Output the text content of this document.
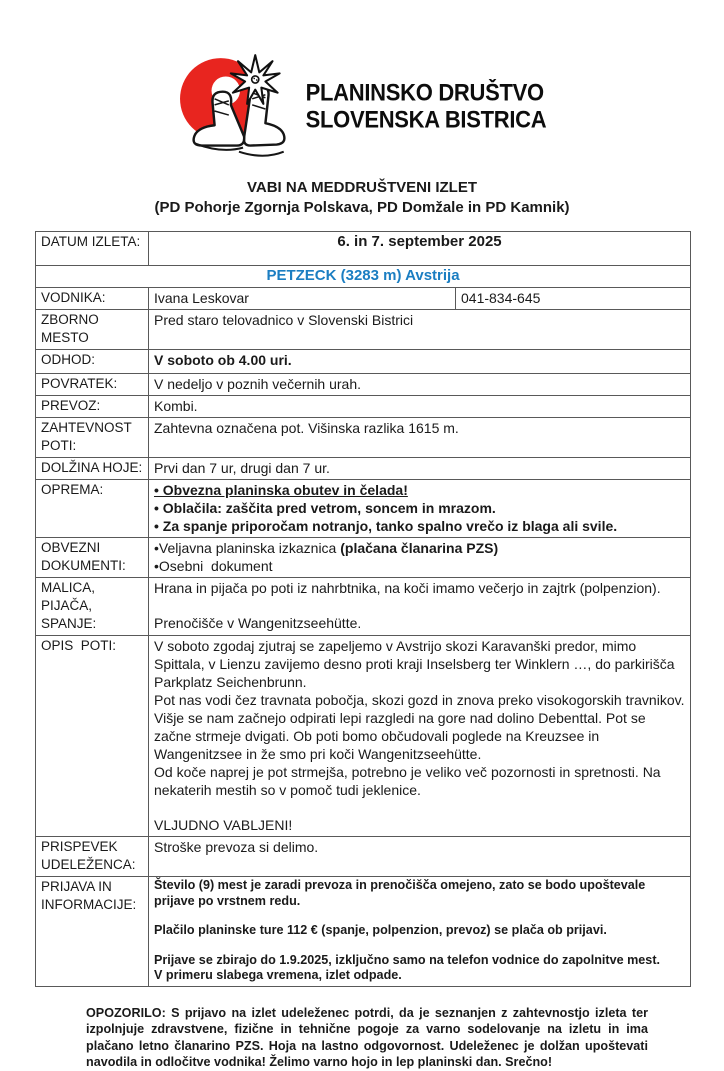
PLANINSKO DRUŠTVO
SLOVENSKA BISTRICA
VABI NA MEDDRUŠTVENI IZLET
(PD Pohorje Zgornja Polskava, PD Domžale in PD Kamnik)
DATUM IZLETA:	6. in 7. september 2025	
PETZECK (3283 m) Avstrija		
VODNIKA:	Ivana Leskovar	041-834-645
ZBORNO MESTO	Pred staro telovadnico v Slovenski Bistrici	
ODHOD:	V soboto ob 4.00 uri.	
POVRATEK:	V nedeljo v poznih večernih urah.	
PREVOZ:	Kombi.	
ZAHTEVNOST POTI:	Zahtevna označena pot. Višinska razlika 1615 m.	
DOLŽINA HOJE:	Prvi dan 7 ur, drugi dan 7 ur.	
OPREMA:	• Obvezna planinska obutev in čelada!
• Oblačila: zaščita pred vetrom, soncem in mrazom.
• Za spanje priporočam notranjo, tanko spalno vrečo iz blaga ali svile.	

OBVEZNI DOKUMENTI:	•Veljavna planinska izkaznica (plačana članarina PZS)
•Osebni  dokument	

MALICA, PIJAČA, SPANJE:	Hrana in pijača po poti iz nahrbtnika, na koči imamo večerjo in zajtrk (polpenzion).
Prenočišče v Wangenitzseehütte.	

OPIS  POTI:	V soboto zgodaj zjutraj se zapeljemo v Avstrijo skozi Karavanški predor, mimo Spittala, v Lienzu zavijemo desno proti kraji Inselsberg ter Winklern …, do parkirišča Parkplatz Seichenbrunn.
Pot nas vodi čez travnata pobočja, skozi gozd in znova preko visokogorskih travnikov. Višje se nam začnejo odpirati lepi razgledi na gore nad dolino Debenttal. Pot se začne strmeje dvigati. Ob poti bomo občudovali poglede na Kreuzsee in Wangenitzsee in že smo pri koči Wangenitzseehütte.
Od koče naprej je pot strmejša, potrebno je veliko več pozornosti in spretnosti. Na nekaterih mestih so v pomoč tudi jeklenice.
VLJUDNO VABLJENI!	

PRISPEVEK UDELEŽENCA:	Stroške prevoza si delimo.	
PRIJAVA IN INFORMACIJE:	Število (9) mest je zaradi prevoza in prenočišča omejeno, zato se bodo upoštevale prijave po vrstnem redu.
Plačilo planinske ture 112 € (spanje, polpenzion, prevoz) se plača ob prijavi.
Prijave se zbirajo do 1.9.2025, izključno samo na telefon vodnice do zapolnitve mest.
V primeru slabega vremena, izlet odpade.	
OPOZORILO: S prijavo na izlet udeleženec potrdi, da je seznanjen z zahtevnostjo izleta ter izpolnjuje zdravstvene, fizične in tehnične pogoje za varno sodelovanje na izletu in ima plačano letno članarino PZS. Hoja na lastno odgovornost. Udeleženec je dolžan upoštevati navodila in odločitve vodnika! Želimo varno hojo in lep planinski dan. Srečno!
